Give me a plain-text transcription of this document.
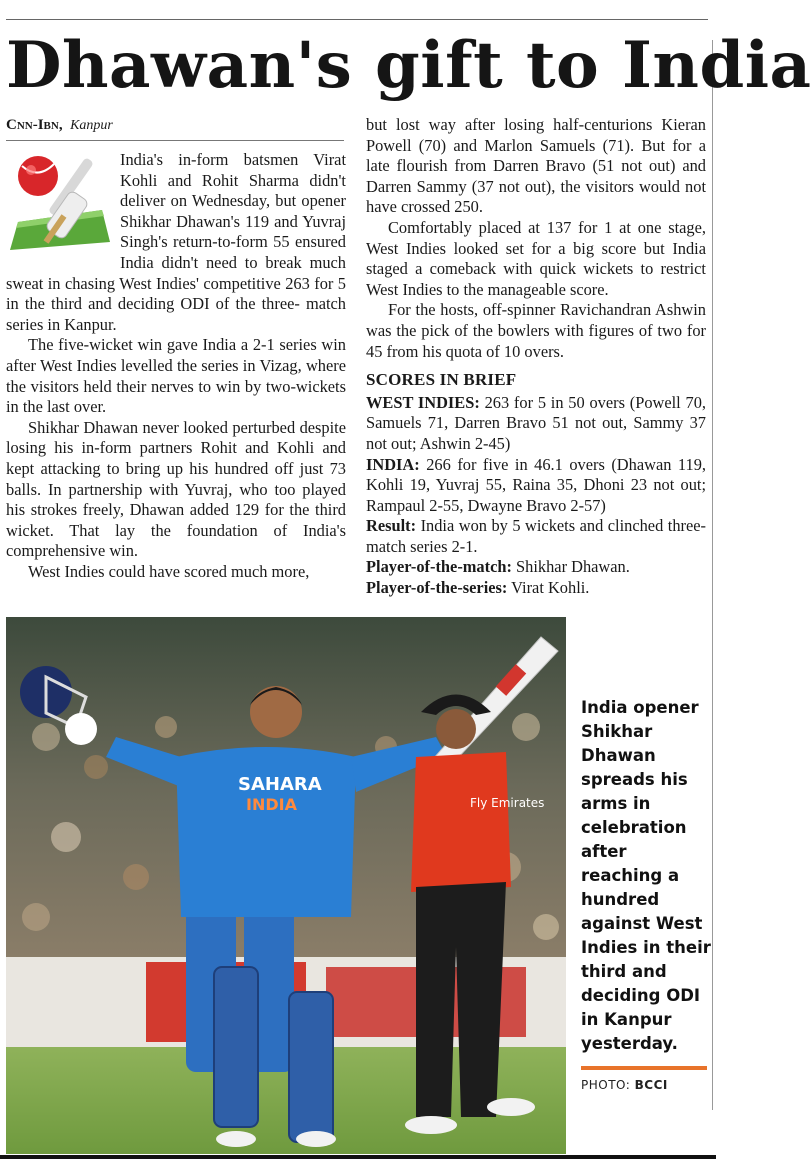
Dhawan's gift to India
Cnn-Ibn, Kanpur

India's in-form batsmen Virat Kohli and Rohit Sharma didn't deliver on Wednesday, but opener Shikhar Dhawan's 119 and Yuvraj Singh's return-to-form 55 ensured India didn't need to break much sweat in chasing West Indies' competitive 263 for 5 in the third and deciding ODI of the three- match series in Kanpur.

The five-wicket win gave India a 2-1 series win after West Indies levelled the series in Vizag, where the visitors held their nerves to win by two-wickets in the last over.

Shikhar Dhawan never looked perturbed despite losing his in-form partners Rohit and Kohli and kept attacking to bring up his hundred off just 73 balls. In partnership with Yuvraj, who too played his strokes freely, Dhawan added 129 for the third wicket. That lay the foundation of India's comprehensive win.

West Indies could have scored much more,

but lost way after losing half-centurions Kieran Powell (70) and Marlon Samuels (71). But for a late flourish from Darren Bravo (51 not out) and Darren Sammy (37 not out), the visitors would not have crossed 250.

Comfortably placed at 137 for 1 at one stage, West Indies looked set for a big score but India staged a comeback with quick wickets to restrict West Indies to the manageable score.

For the hosts, off-spinner Ravichandran Ashwin was the pick of the bowlers with figures of two for 45 from his quota of 10 overs.

SCORES IN BRIEF

WEST INDIES: 263 for 5 in 50 overs (Powell 70, Samuels 71, Darren Bravo 51 not out, Sammy 37 not out; Ashwin 2-45)

INDIA: 266 for five in 46.1 overs (Dhawan 119, Kohli 19, Yuvraj 55, Raina 35, Dhoni 23 not out; Rampaul 2-55, Dwayne Bravo 2-57)

Result: India won by 5 wickets and clinched three-match series 2-1.

Player-of-the-match: Shikhar Dhawan.

Player-of-the-series: Virat Kohli.

SAHARA
INDIA	Fly Emirates
India opener Shikhar Dhawan spreads his arms in celebration after reaching a hundred against West Indies in their third and deciding ODI in Kanpur yesterday.
PHOTO: BCCI
